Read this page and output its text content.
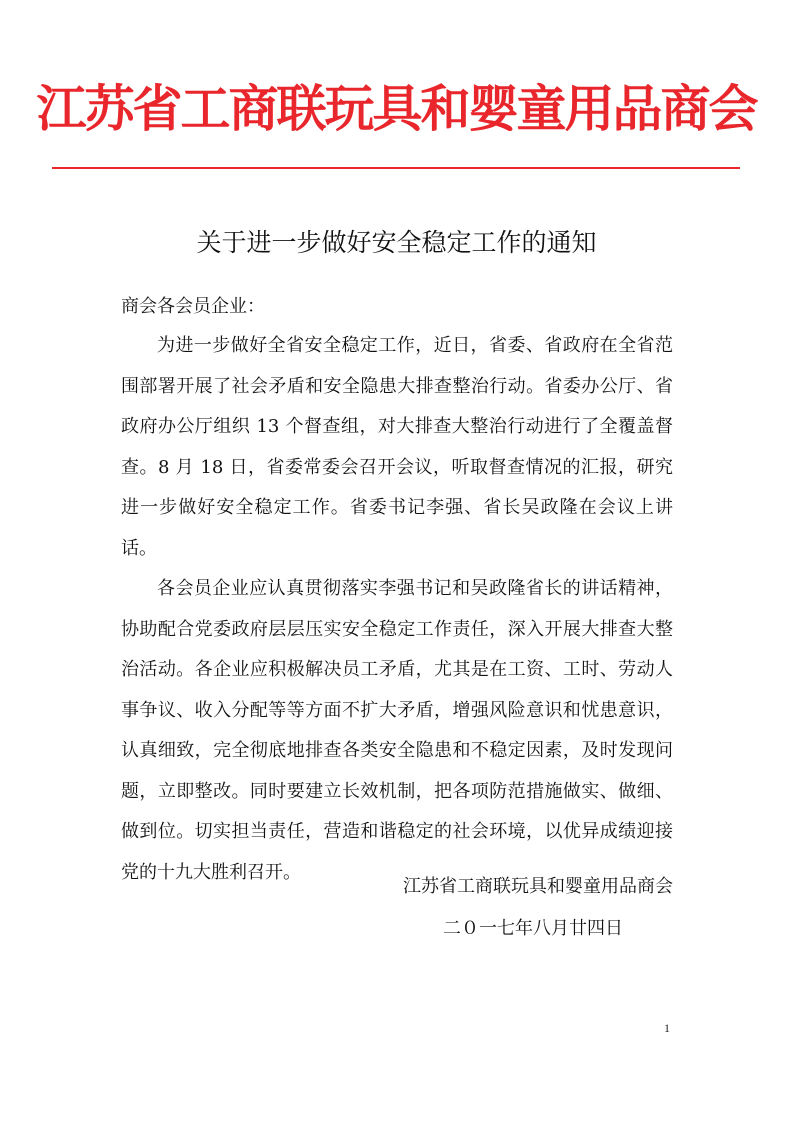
江苏省工商联玩具和婴童用品商会
关于进一步做好安全稳定工作的通知
商会各会员企业：

为进一步做好全省安全稳定工作，近日，省委、省政府在全省范围部署开展了社会矛盾和安全隐患大排查整治行动。省委办公厅、省政府办公厅组织 13 个督查组，对大排查大整治行动进行了全覆盖督查。8 月 18 日，省委常委会召开会议，听取督查情况的汇报，研究进一步做好安全稳定工作。省委书记李强、省长吴政隆在会议上讲话。

各会员企业应认真贯彻落实李强书记和吴政隆省长的讲话精神，协助配合党委政府层层压实安全稳定工作责任，深入开展大排查大整治活动。各企业应积极解决员工矛盾，尤其是在工资、工时、劳动人事争议、收入分配等等方面不扩大矛盾，增强风险意识和忧患意识，认真细致，完全彻底地排查各类安全隐患和不稳定因素，及时发现问题，立即整改。同时要建立长效机制，把各项防范措施做实、做细、做到位。切实担当责任，营造和谐稳定的社会环境，以优异成绩迎接党的十九大胜利召开。

江苏省工商联玩具和婴童用品商会
二０一七年八月廿四日
1
